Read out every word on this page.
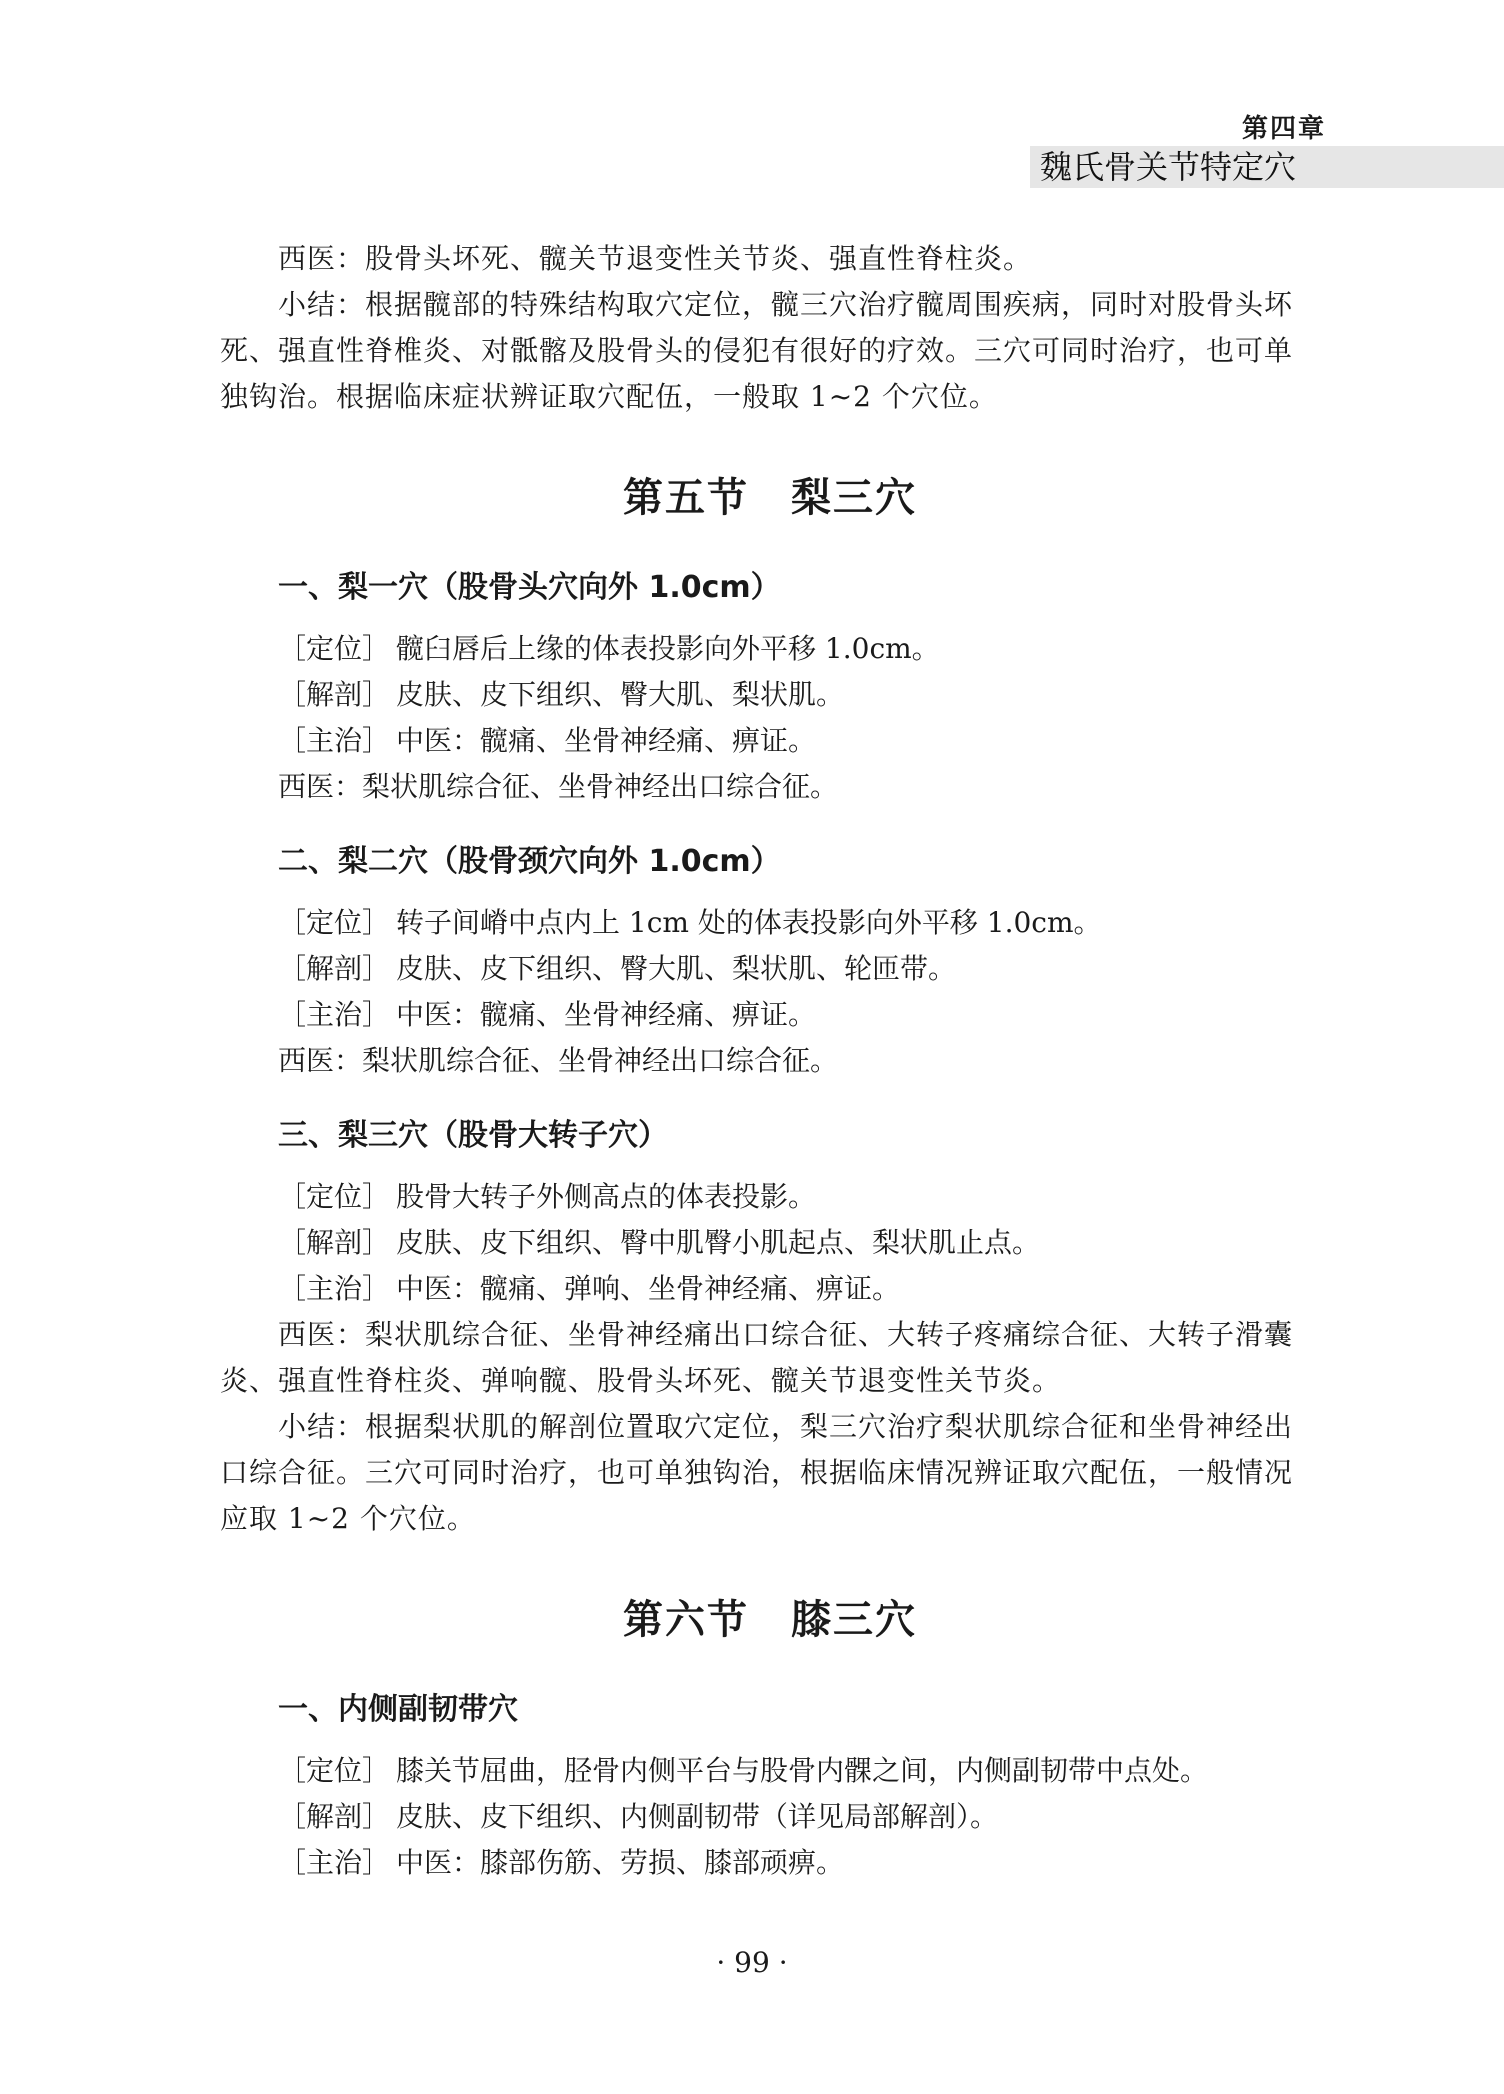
第四章
魏氏骨关节特定穴
西医：股骨头坏死、髋关节退变性关节炎、强直性脊柱炎。
小结：根据髋部的特殊结构取穴定位，髋三穴治疗髋周围疾病，同时对股骨头坏
死、强直性脊椎炎、对骶髂及股骨头的侵犯有很好的疗效。三穴可同时治疗，也可单
独钩治。根据临床症状辨证取穴配伍，一般取 1~2 个穴位。
第五节　梨三穴
一、梨一穴（股骨头穴向外 1.0cm）
［定位］ 髋臼唇后上缘的体表投影向外平移 1.0cm。
［解剖］ 皮肤、皮下组织、臀大肌、梨状肌。
［主治］ 中医：髋痛、坐骨神经痛、痹证。
西医：梨状肌综合征、坐骨神经出口综合征。
二、梨二穴（股骨颈穴向外 1.0cm）
［定位］ 转子间嵴中点内上 1cm 处的体表投影向外平移 1.0cm。
［解剖］ 皮肤、皮下组织、臀大肌、梨状肌、轮匝带。
［主治］ 中医：髋痛、坐骨神经痛、痹证。
西医：梨状肌综合征、坐骨神经出口综合征。
三、梨三穴（股骨大转子穴）
［定位］ 股骨大转子外侧高点的体表投影。
［解剖］ 皮肤、皮下组织、臀中肌臀小肌起点、梨状肌止点。
［主治］ 中医：髋痛、弹响、坐骨神经痛、痹证。
西医：梨状肌综合征、坐骨神经痛出口综合征、大转子疼痛综合征、大转子滑囊
炎、强直性脊柱炎、弹响髋、股骨头坏死、髋关节退变性关节炎。
小结：根据梨状肌的解剖位置取穴定位，梨三穴治疗梨状肌综合征和坐骨神经出
口综合征。三穴可同时治疗，也可单独钩治，根据临床情况辨证取穴配伍，一般情况
应取 1~2 个穴位。
第六节　膝三穴
一、内侧副韧带穴
［定位］ 膝关节屈曲，胫骨内侧平台与股骨内髁之间，内侧副韧带中点处。
［解剖］ 皮肤、皮下组织、内侧副韧带（详见局部解剖）。
［主治］ 中医：膝部伤筋、劳损、膝部顽痹。
· 99 ·
